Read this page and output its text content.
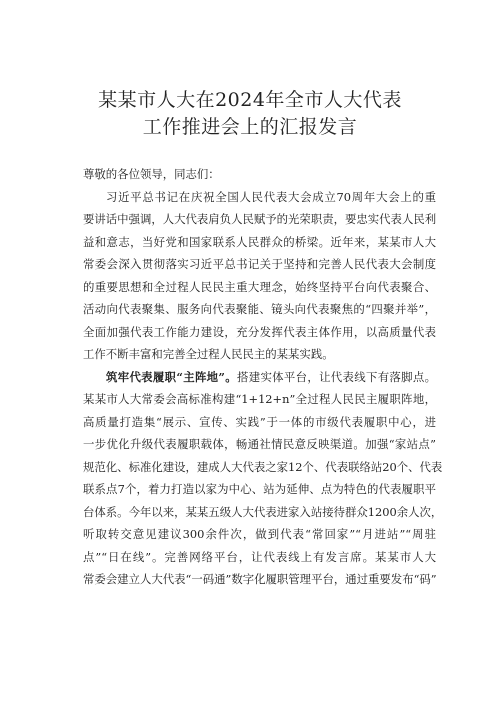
某某市人大在2024年全市人大代表
工作推进会上的汇报发言
尊敬的各位领导，同志们：
习近平总书记在庆祝全国人民代表大会成立70周年大会上的重
要讲话中强调，人大代表肩负人民赋予的光荣职责，要忠实代表人民利
益和意志，当好党和国家联系人民群众的桥梁。近年来，某某市人大
常委会深入贯彻落实习近平总书记关于坚持和完善人民代表大会制度
的重要思想和全过程人民民主重大理念，始终坚持平台向代表聚合、
活动向代表聚集、服务向代表聚能、镜头向代表聚焦的“四聚并举”，
全面加强代表工作能力建设，充分发挥代表主体作用，以高质量代表
工作不断丰富和完善全过程人民民主的某某实践。
筑牢代表履职“主阵地”。搭建实体平台，让代表线下有落脚点。
某某市人大常委会高标准构建“1+12+n”全过程人民民主履职阵地，
高质量打造集“展示、宣传、实践”于一体的市级代表履职中心，进
一步优化升级代表履职载体，畅通社情民意反映渠道。加强“家站点”
规范化、标准化建设，建成人大代表之家12个、代表联络站20个、代表
联系点7个，着力打造以家为中心、站为延伸、点为特色的代表履职平
台体系。今年以来，某某五级人大代表进家入站接待群众1200余人次，
听取转交意见建议300余件次，做到代表“常回家”“月进站”“周驻
点”“日在线”。完善网络平台，让代表线上有发言席。某某市人大
常委会建立人大代表“一码通”数字化履职管理平台，通过重要发布“码”
